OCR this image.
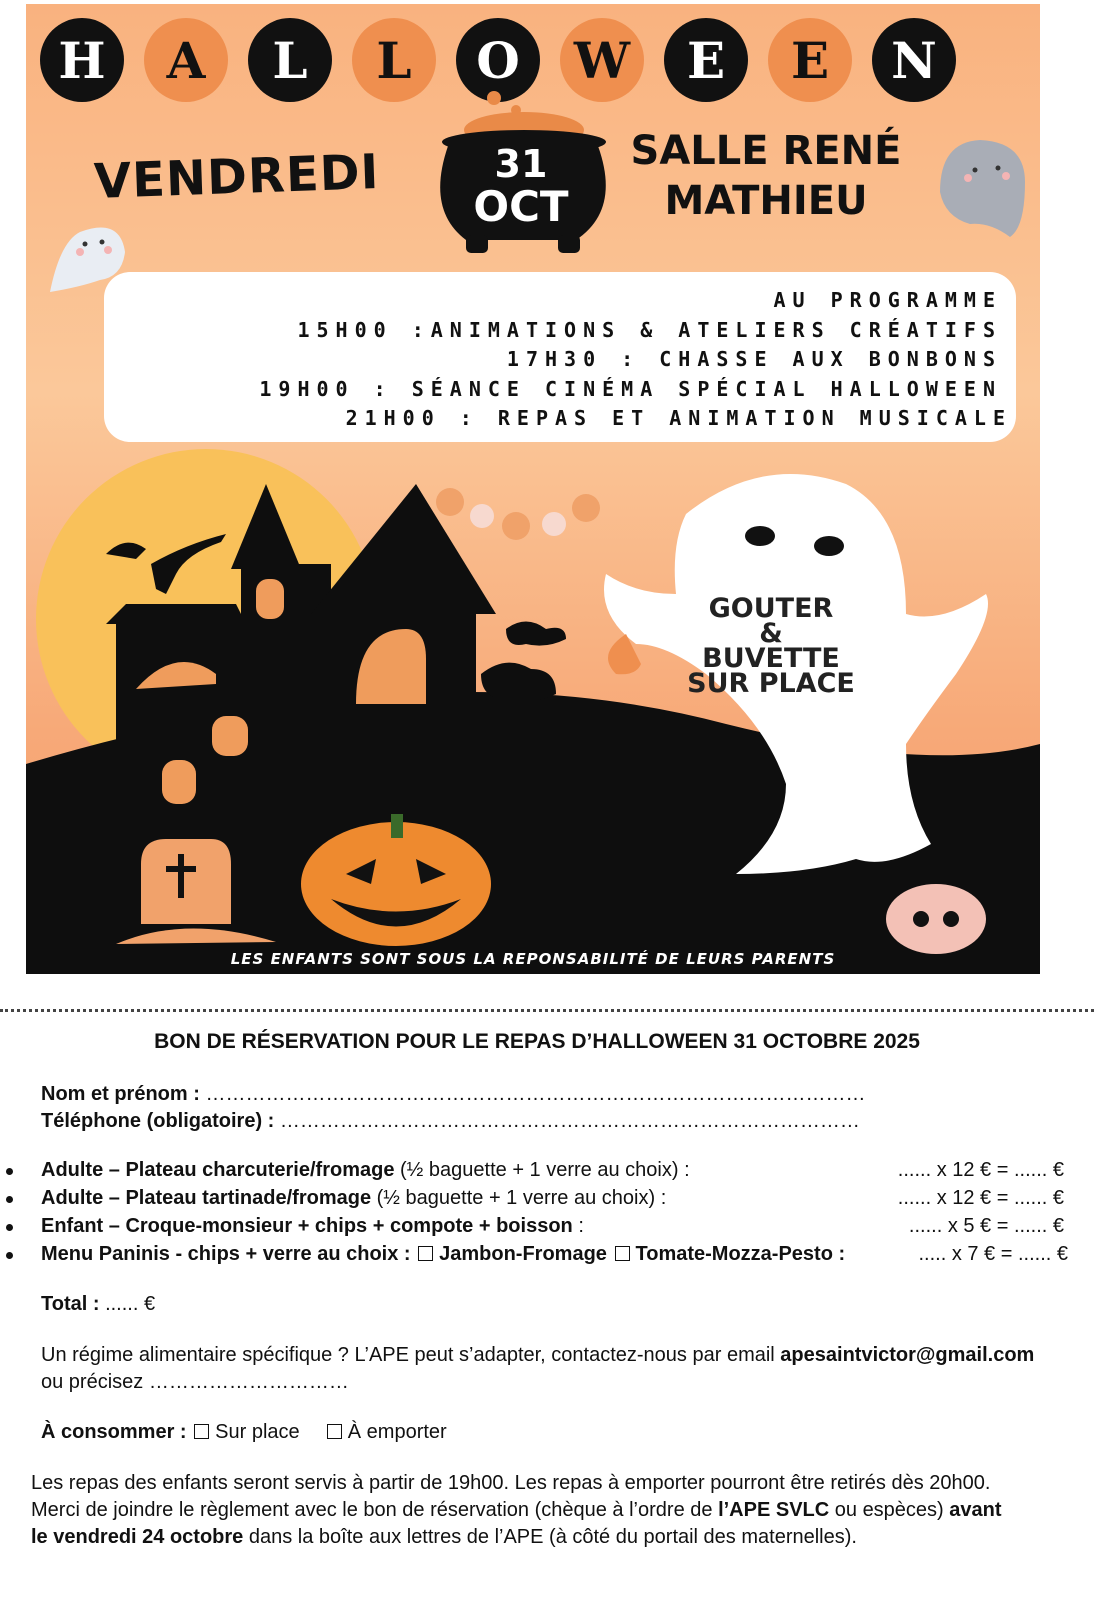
H	A	L	L	O	W	E	E	N
VENDREDI	31
OCT
SALLE RENÉ
MATHIEU
AU PROGRAMME
15H00 :ANIMATIONS & ATELIERS CRÉATIFS
17H30 : CHASSE AUX BONBONS
19H00 : SÉANCE CINÉMA SPÉCIAL HALLOWEEN
21H00 : REPAS ET ANIMATION MUSICALE
GOUTER
&
BUVETTE
SUR PLACE
LES ENFANTS SONT SOUS LA REPONSABILITÉ DE LEURS PARENTS
BON DE RÉSERVATION POUR LE REPAS D’HALLOWEEN 31 OCTOBRE 2025
Nom et prénom : ………………………………………………………………………………………
Téléphone (obligatoire) : ……………………………………………………………………………
Adulte – Plateau charcuterie/fromage (½ baguette + 1 verre au choix) :	...... x 12 € = ...... €
Adulte – Plateau tartinade/fromage (½ baguette + 1 verre au choix) :	...... x 12 € = ...... €
Enfant – Croque-monsieur + chips + compote + boisson :	...... x 5 € = ...... €
Menu Paninis - chips + verre au choix : Jambon-Fromage Tomate-Mozza-Pesto :	..... x 7 € = ...... €
Total : ...... €
Un régime alimentaire spécifique ? L’APE peut s’adapter, contactez-nous par email apesaintvictor@gmail.com
ou précisez …………………………
À consommer : Sur place À emporter
Les repas des enfants seront servis à partir de 19h00. Les repas à emporter pourront être retirés dès 20h00.
Merci de joindre le règlement avec le bon de réservation (chèque à l’ordre de l’APE SVLC ou espèces) avant
le vendredi 24 octobre dans la boîte aux lettres de l’APE (à côté du portail des maternelles).
